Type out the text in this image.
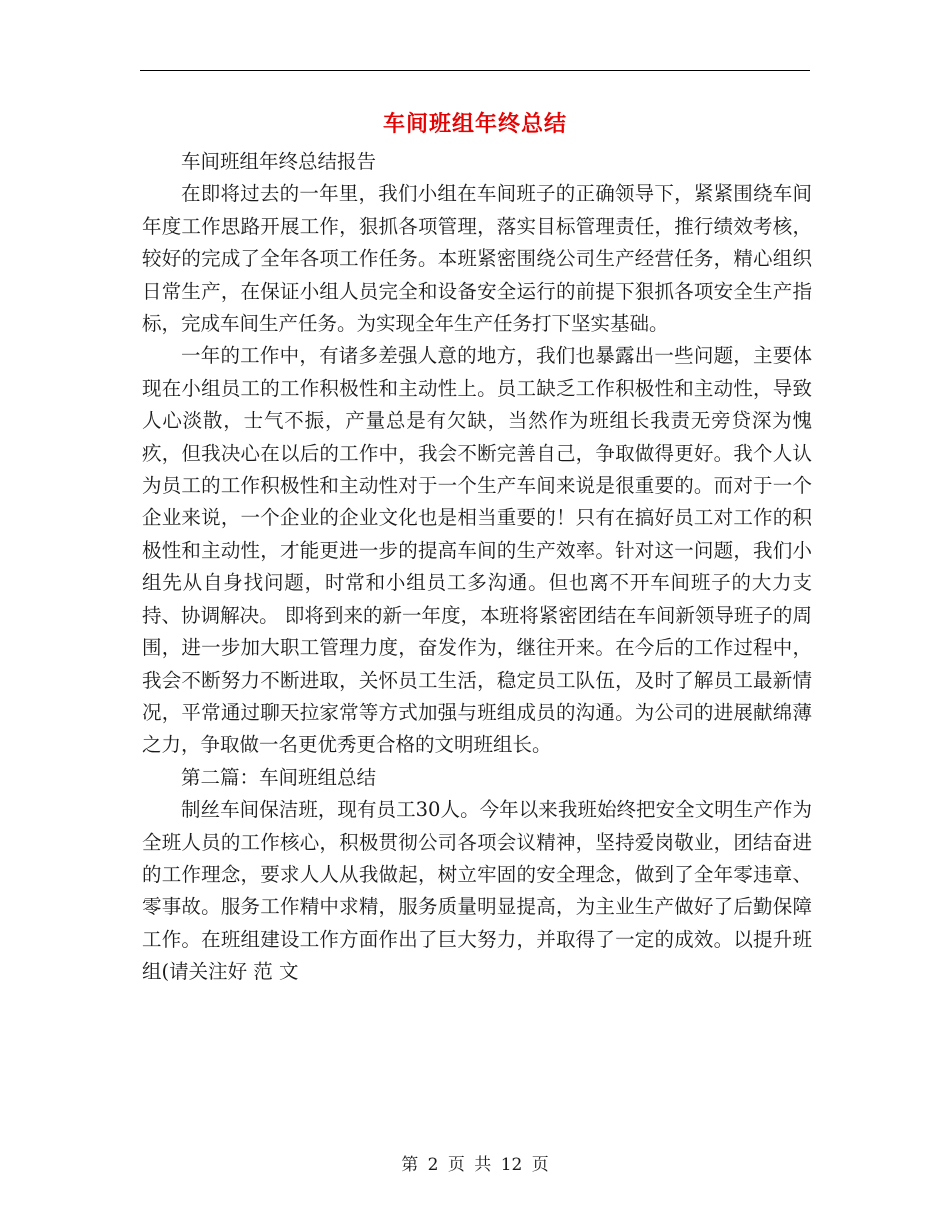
车间班组年终总结

车间班组年终总结报告

在即将过去的一年里，我们小组在车间班子的正确领导下，紧紧围绕车间年度工作思路开展工作，狠抓各项管理，落实目标管理责任，推行绩效考核，较好的完成了全年各项工作任务。本班紧密围绕公司生产经营任务，精心组织日常生产，在保证小组人员完全和设备安全运行的前提下狠抓各项安全生产指标，完成车间生产任务。为实现全年生产任务打下坚实基础。

一年的工作中，有诸多差强人意的地方，我们也暴露出一些问题，主要体现在小组员工的工作积极性和主动性上。员工缺乏工作积极性和主动性，导致人心淡散，士气不振，产量总是有欠缺，当然作为班组长我责无旁贷深为愧疚，但我决心在以后的工作中，我会不断完善自己，争取做得更好。我个人认为员工的工作积极性和主动性对于一个生产车间来说是很重要的。而对于一个企业来说，一个企业的企业文化也是相当重要的！只有在搞好员工对工作的积极性和主动性，才能更进一步的提高车间的生产效率。针对这一问题，我们小组先从自身找问题，时常和小组员工多沟通。但也离不开车间班子的大力支持、协调解决。 即将到来的新一年度，本班将紧密团结在车间新领导班子的周围，进一步加大职工管理力度，奋发作为，继往开来。在今后的工作过程中，我会不断努力不断进取，关怀员工生活，稳定员工队伍，及时了解员工最新情况，平常通过聊天拉家常等方式加强与班组成员的沟通。为公司的进展献绵薄之力，争取做一名更优秀更合格的文明班组长。

第二篇：车间班组总结

制丝车间保洁班，现有员工30人。今年以来我班始终把安全文明生产作为全班人员的工作核心，积极贯彻公司各项会议精神，坚持爱岗敬业，团结奋进的工作理念，要求人人从我做起，树立牢固的安全理念，做到了全年零违章、零事故。服务工作精中求精，服务质量明显提高，为主业生产做好了后勤保障工作。在班组建设工作方面作出了巨大努力，并取得了一定的成效。以提升班组(请关注好 范 文

第 2 页 共 12 页
